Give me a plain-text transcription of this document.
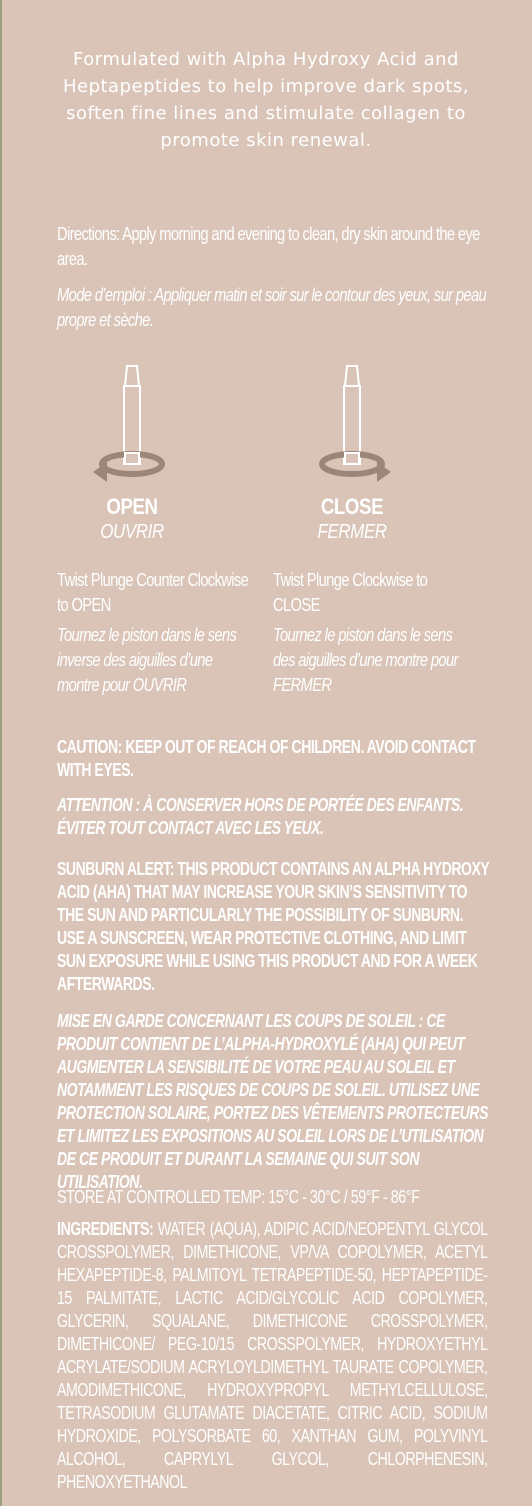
Formulated with Alpha Hydroxy Acid and Heptapeptides to help improve dark spots, soften fine lines and stimulate collagen to promote skin renewal.
Directions: Apply morning and evening to clean, dry skin around the eye area.
Mode d’emploi : Appliquer matin et soir sur le contour des yeux, sur peau propre et sèche.
OPEN
OUVRIR
CLOSE
FERMER
Twist Plunge Counter Clockwise to OPEN
Tournez le piston dans le sens inverse des aiguilles d’une montre pour OUVRIR
Twist Plunge Clockwise to CLOSE
Tournez le piston dans le sens des aiguilles d’une montre pour FERMER
CAUTION: KEEP OUT OF REACH OF CHILDREN. AVOID CONTACT WITH EYES.
ATTENTION : À CONSERVER HORS DE PORTÉE DES ENFANTS. ÉVITER TOUT CONTACT AVEC LES YEUX.
SUNBURN ALERT: THIS PRODUCT CONTAINS AN ALPHA HYDROXY ACID (AHA) THAT MAY INCREASE YOUR SKIN’S SENSITIVITY TO THE SUN AND PARTICULARLY THE POSSIBILITY OF SUNBURN. USE A SUNSCREEN, WEAR PROTECTIVE CLOTHING, AND LIMIT SUN EXPOSURE WHILE USING THIS PRODUCT AND FOR A WEEK AFTERWARDS.
MISE EN GARDE CONCERNANT LES COUPS DE SOLEIL : CE PRODUIT CONTIENT DE L’ALPHA-HYDROXYLÉ (AHA) QUI PEUT AUGMENTER LA SENSIBILITÉ DE VOTRE PEAU AU SOLEIL ET NOTAMMENT LES RISQUES DE COUPS DE SOLEIL. UTILISEZ UNE PROTECTION SOLAIRE, PORTEZ DES VÊTEMENTS PROTECTEURS ET LIMITEZ LES EXPOSITIONS AU SOLEIL LORS DE L’UTILISATION DE CE PRODUIT ET DURANT LA SEMAINE QUI SUIT SON UTILISATION.
STORE AT CONTROLLED TEMP: 15°C - 30°C / 59°F - 86°F
INGREDIENTS: WATER (AQUA), ADIPIC ACID/NEOPENTYL GLYCOL CROSSPOLYMER, DIMETHICONE, VP/VA COPOLYMER, ACETYL HEXAPEPTIDE-8, PALMITOYL TETRAPEPTIDE-50, HEPTAPEPTIDE-15 PALMITATE, LACTIC ACID/GLYCOLIC ACID COPOLYMER, GLYCERIN, SQUALANE, DIMETHICONE CROSSPOLYMER, DIMETHICONE/ PEG-10/15 CROSSPOLYMER, HYDROXYETHYL ACRYLATE/SODIUM ACRYLOYLDIMETHYL TAURATE COPOLYMER, AMODIMETHICONE, HYDROXYPROPYL METHYLCELLULOSE, TETRASODIUM GLUTAMATE DIACETATE, CITRIC ACID, SODIUM HYDROXIDE, POLYSORBATE 60, XANTHAN GUM, POLYVINYL ALCOHOL, CAPRYLYL GLYCOL, CHLORPHENESIN, PHENOXYETHANOL
